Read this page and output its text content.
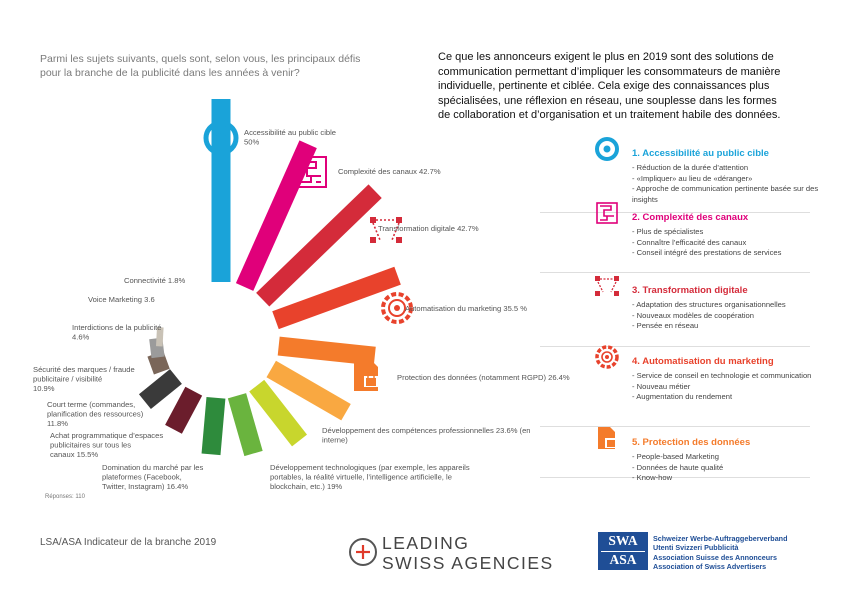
Parmi les sujets suivants, quels sont, selon vous, les principaux défis pour la branche de la publicité dans les années à venir?
Ce que les annonceurs exigent le plus en 2019 sont des solutions de communication permettant d’impliquer les consommateurs de manière individuelle, pertinente et ciblée. Cela exige des connaissances plus spécialisées, une réflexion en réseau, une souplesse dans les formes de collaboration et d’organisation et un traitement habile des données.
Accessibilité au public cible 50%
Complexité des canaux 42.7%
Transformation digitale 42.7%
Automatisation du marketing 35.5 %
Protection des données (notamment RGPD) 26.4%
Développement des compétences professionnelles 23.6% (en interne)
Développement technologiques (par exemple, les appareils portables, la réalité virtuelle, l’intelligence artificielle, le blockchain, etc.) 19%
Domination du marché par les plateformes (Facebook, Twitter, Instagram) 16.4%
Achat programmatique d’espaces publicitaires sur tous les canaux 15.5%
Court terme (commandes, planification des ressources) 11.8%
Sécurité des marques / fraude publicitaire / visibilité 10.9%
Interdictions de la publicité 4.6%
Voice Marketing 3.6
Connectivité 1.8%
Réponses: 110
1. Accessibilité au public cible
- Réduction de la durée d’attention
- «Impliquer» au lieu de «déranger»
- Approche de communication pertinente basée sur des insights
2. Complexité des canaux
- Plus de spécialistes
- Connaître l’efficacité des canaux
- Conseil intégré des prestations de services
3. Transformation digitale
- Adaptation des structures organisationnelles
- Nouveaux modèles de coopération
- Pensée en réseau
4. Automatisation du marketing
- Service de conseil en technologie et communication
- Nouveau métier
- Augmentation du rendement
5. Protection des données
- People-based Marketing
- Données de haute qualité
- Know-how
LSA/ASA Indicateur de la branche 2019	LEADING
SWISS AGENCIES
SWA
ASA
Schweizer Werbe-Auftraggeberverband
Utenti Svizzeri Pubblicità
Association Suisse des Annonceurs
Association of Swiss Advertisers
